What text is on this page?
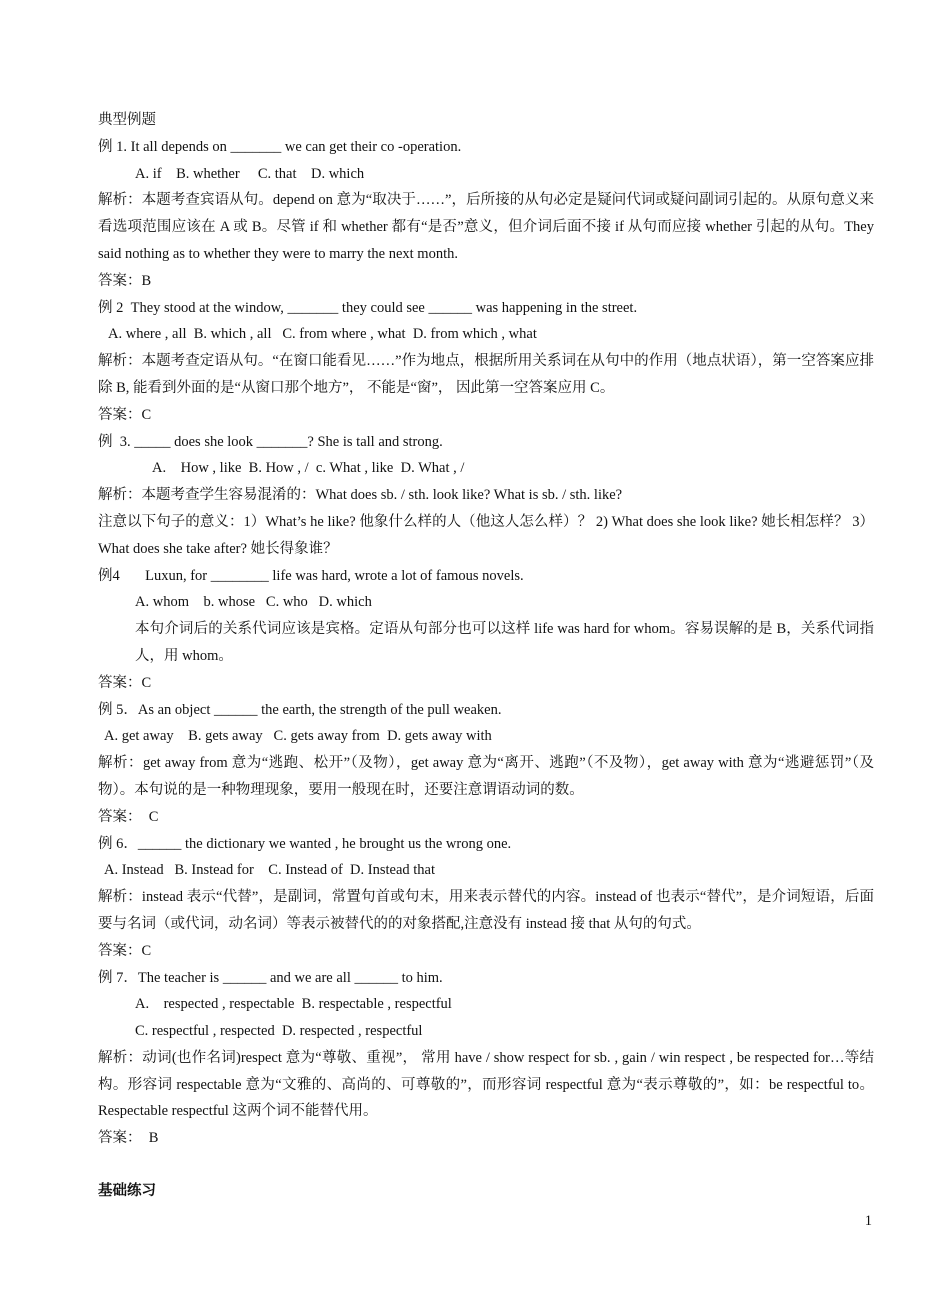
典型例题
例 1. It all depends on _______ we can get their co -operation.
A. if    B. whether     C. that    D. which
解析：本题考查宾语从句。depend on 意为“取决于……”，后所接的从句必定是疑问代词或疑问副词引起的。从原句意义来看选项范围应该在 A 或 B。尽管 if 和 whether 都有“是否”意义，但介词后面不接 if 从句而应接 whether 引起的从句。They said nothing as to whether they were to marry the next month.
答案：B
例 2  They stood at the window, _______ they could see ______ was happening in the street.
A. where , all  B. which , all   C. from where , what  D. from which , what
解析：本题考查定语从句。“在窗口能看见……”作为地点，根据所用关系词在从句中的作用（地点状语），第一空答案应排除 B, 能看到外面的是“从窗口那个地方”， 不能是“窗”， 因此第一空答案应用 C。
答案：C
例  3. _____ does she look _______? She is tall and strong.
A.    How , like  B. How , /  c. What , like  D. What , /
解析：本题考查学生容易混淆的：What does sb. / sth. look like? What is sb. / sth. like?
注意以下句子的意义：1）What’s he like? 他象什么样的人（他这人怎么样）？ 2) What does she look like? 她长相怎样？ 3）What does she take after? 她长得象谁？
例4       Luxun, for ________ life was hard, wrote a lot of famous novels.
A. whom    b. whose   C. who   D. which
本句介词后的关系代词应该是宾格。定语从句部分也可以这样 life was hard for whom。容易误解的是 B，关系代词指人，用 whom。
答案：C
例 5．As an object ______ the earth, the strength of the pull weaken.
A. get away    B. gets away   C. gets away from  D. gets away with
解析：get away from 意为“逃跑、松开”（及物），get away 意为“离开、逃跑”（不及物），get away with 意为“逃避惩罚”（及物）。本句说的是一种物理现象，要用一般现在时，还要注意谓语动词的数。
答案：  C
例 6．______ the dictionary we wanted , he brought us the wrong one.
A. Instead   B. Instead for    C. Instead of  D. Instead that
解析：instead 表示“代替”，是副词，常置句首或句末，用来表示替代的内容。instead of 也表示“替代”，是介词短语，后面要与名词（或代词，动名词）等表示被替代的的对象搭配,注意没有 instead 接 that 从句的句式。
答案：C
例 7．The teacher is ______ and we are all ______ to him.
A.    respected , respectable  B. respectable , respectful
C. respectful , respected  D. respected , respectful
解析：动词(也作名词)respect 意为“尊敬、重视”， 常用 have / show respect for sb. , gain / win respect , be respected for…等结构。形容词 respectable 意为“文雅的、高尚的、可尊敬的”，而形容词 respectful 意为“表示尊敬的”，如：be respectful to。Respectable respectful 这两个词不能替代用。
答案：  B
基础练习
1
